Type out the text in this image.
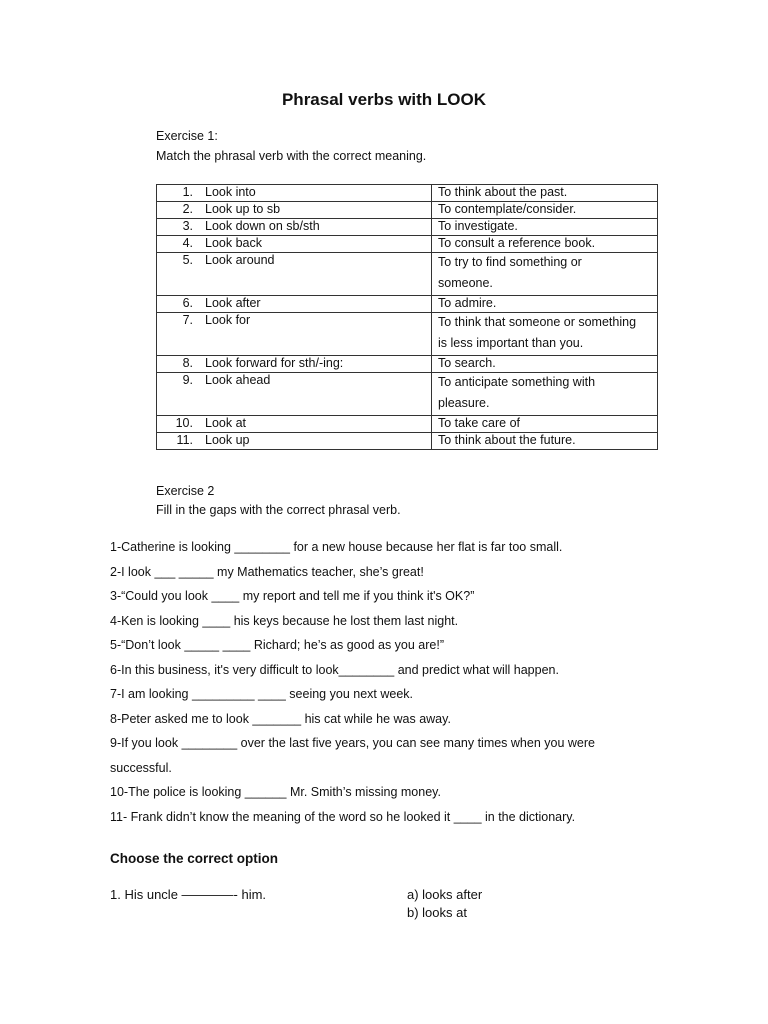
Phrasal verbs with LOOK
Exercise 1:
Match the phrasal verb with the correct meaning.
1. Look into	To think about the past.
2. Look up to sb	To contemplate/consider.
3. Look down on sb/sth	To investigate.
4. Look back	To consult a reference book.
5. Look around	To try to find something or
someone.

6. Look after	To admire.
7. Look for	To think that someone or something
is less important than you.

8. Look forward for sth/-ing:	To search.
9. Look ahead	To anticipate something with
pleasure.

10. Look at	To take care of
11. Look up	To think about the future.
Exercise 2
Fill in the gaps with the correct phrasal verb.
1-Catherine is looking ________ for a new house because her flat is far too small.
2-I look ___ _____ my Mathematics teacher, she’s great!
3-“Could you look ____ my report and tell me if you think it's OK?”
4-Ken is looking ____ his keys because he lost them last night.
5-“Don’t look _____ ____ Richard; he’s as good as you are!”
6-In this business, it's very difficult to look________ and predict what will happen.
7-I am looking _________ ____ seeing you next week.
8-Peter asked me to look _______ his cat while he was away.
9-If you look ________ over the last five years, you can see many times when you were
successful.
10-The police is looking ______ Mr. Smith’s missing money.
11- Frank didn’t know the meaning of the word so he looked it ____ in the dictionary.
Choose the correct option
1. His uncle ————- him.	a) looks after
b) looks at
